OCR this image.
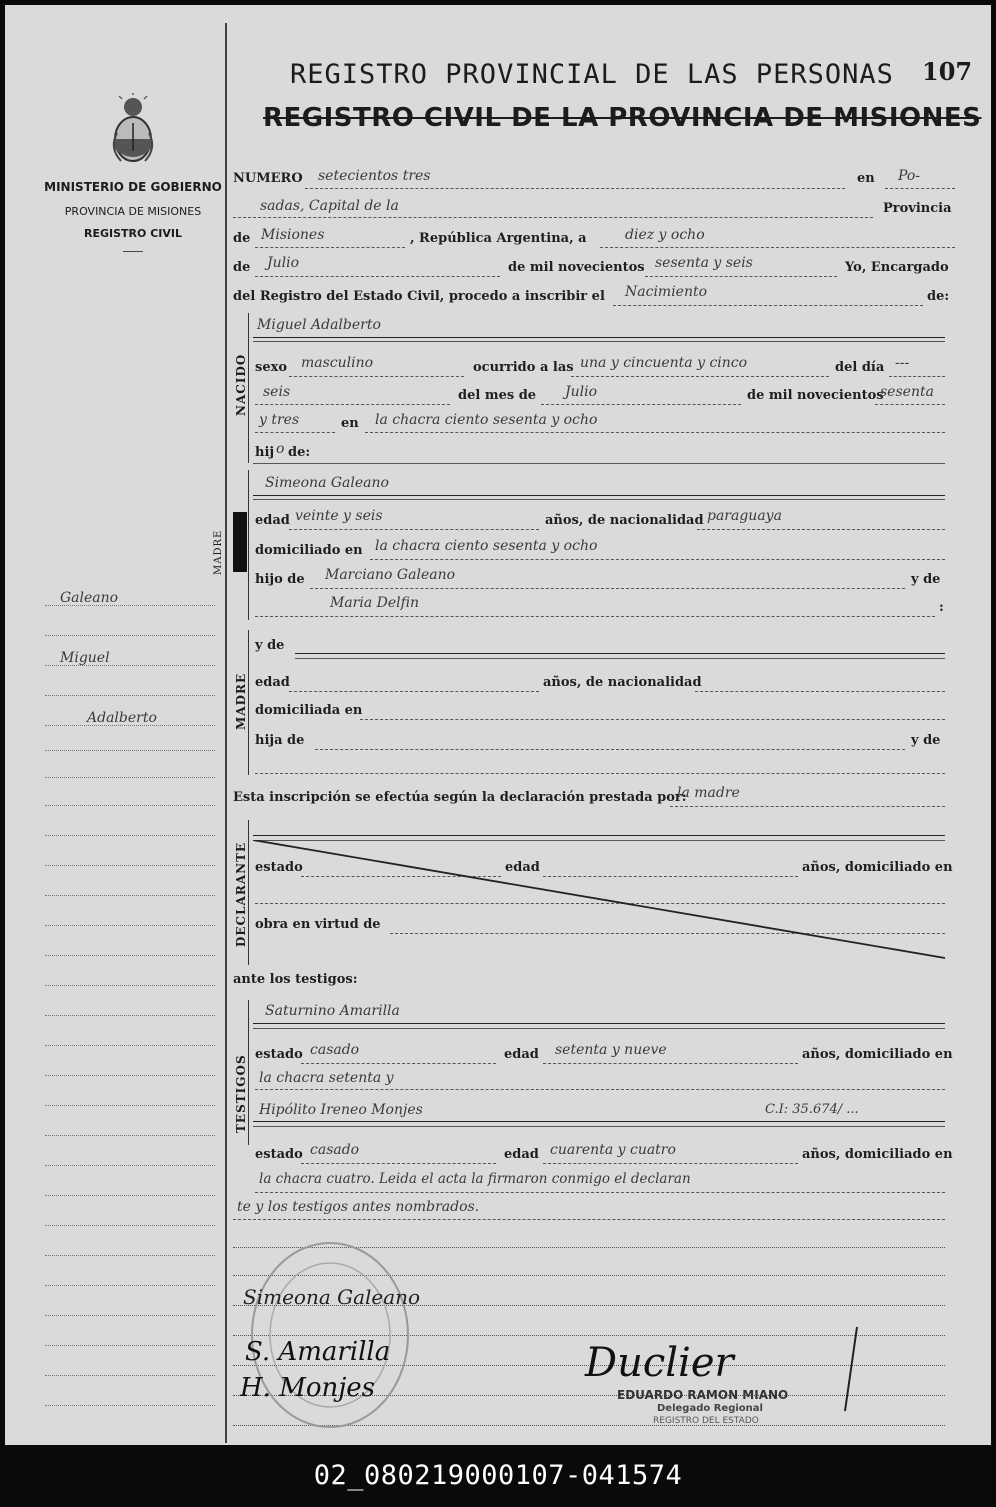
MINISTERIO DE GOBIERNO
PROVINCIA DE MISIONES
REGISTRO CIVIL
Galeano
Miguel
Adalberto
REGISTRO PROVINCIAL DE LAS PERSONAS
REGISTRO CIVIL DE LA PROVINCIA DE MISIONES
107
NUMERO setecientos tres	en Po-
sadas, Capital de la	Provincia
de Misiones	, República Argentina, a	diez y ocho
de Julio	de mil novecientos sesenta y seis	Yo, Encargado
del Registro del Estado Civil, procedo a inscribir el Nacimiento	de:
NACIDO
Miguel Adalberto
sexo masculino	ocurrido a las una y cincuenta y cinco	del día ---
seis	del mes de Julio	de mil novecientos
sesenta
y tres	en la chacra ciento sesenta y ocho
hij o de:
MADRE
Simeona Galeano
edad veinte y seis	años, de nacionalidad paraguaya
domiciliado en la chacra ciento sesenta y ocho
hijo de Marciano Galeano	y de
Maria Delfin	:
MADRE
y de
edad	años, de nacionalidad
domiciliada en
hija de	y de
Esta inscripción se efectúa según la declaración prestada por:
la madre
DECLARANTE estado	edad	años, domiciliado en
obra en virtud de
ante los testigos:
TESTIGOS
Saturnino Amarilla
estado casado	edad setenta y nueve	años, domiciliado en
la chacra setenta y
Hipólito Ireneo Monjes	C.I: 35.674/ ...
estado casado	edad cuarenta y cuatro	años, domiciliado en
la chacra cuatro. Leida el acta la firmaron conmigo el declaran
te y los testigos antes nombrados.
Simeona Galeano
S. Amarilla
H. Monjes
Duclier
EDUARDO RAMON MIANO
Delegado Regional
REGISTRO DEL ESTADO
02_080219000107-041574
